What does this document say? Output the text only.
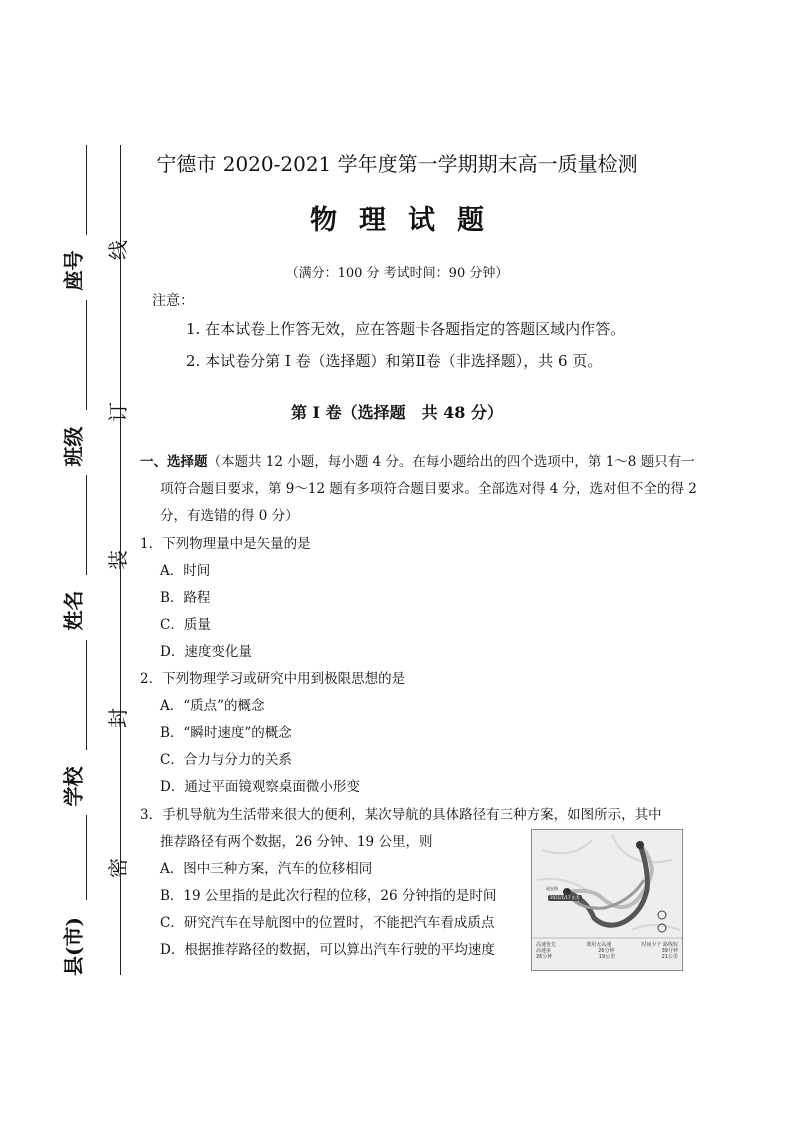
线
订
装
封
密
座号
班级
姓名
学校
县(市)
宁德市 2020-2021 学年度第一学期期末高一质量检测
物理试题
（满分：100 分 考试时间：90 分钟）
注意：
1. 在本试卷上作答无效，应在答题卡各题指定的答题区域内作答。
2. 本试卷分第 I 卷（选择题）和第Ⅱ卷（非选择题），共 6 页。
第 I 卷（选择题　共 48 分）
一、选择题（本题共 12 小题，每小题 4 分。在每小题给出的四个选项中，第 1～8 题只有一
项符合题目要求，第 9～12 题有多项符合题目要求。全部选对得 4 分，选对但不全的得 2
分，有选错的得 0 分）
1．下列物理量中是矢量的是
A．时间
B．路程
C．质量
D．速度变化量
2．下列物理学习或研究中用到极限思想的是
A．“质点”的概念
B．“瞬时速度”的概念
C．合力与分力的关系
D．通过平面镜观察桌面微小形变
3．手机导航为生活带来很大的便利，某次导航的具体路径有三种方案，如图所示，其中
推荐路径有两个数据，26 分钟、19 公里，则
A．图中三种方案，汽车的位移相同
B．19 公里指的是此次行程的位移，26 分钟指的是时间
C．研究汽车在导航图中的位置时，不能把汽车看成质点
D．根据推荐路径的数据，可以算出汽车行驶的平均速度
2021/1/17 出发
福安路
高速优先	费用无高速	时间少于 路线短
高速多	26分钟	39分钟
26分钟	19公里	21公里
